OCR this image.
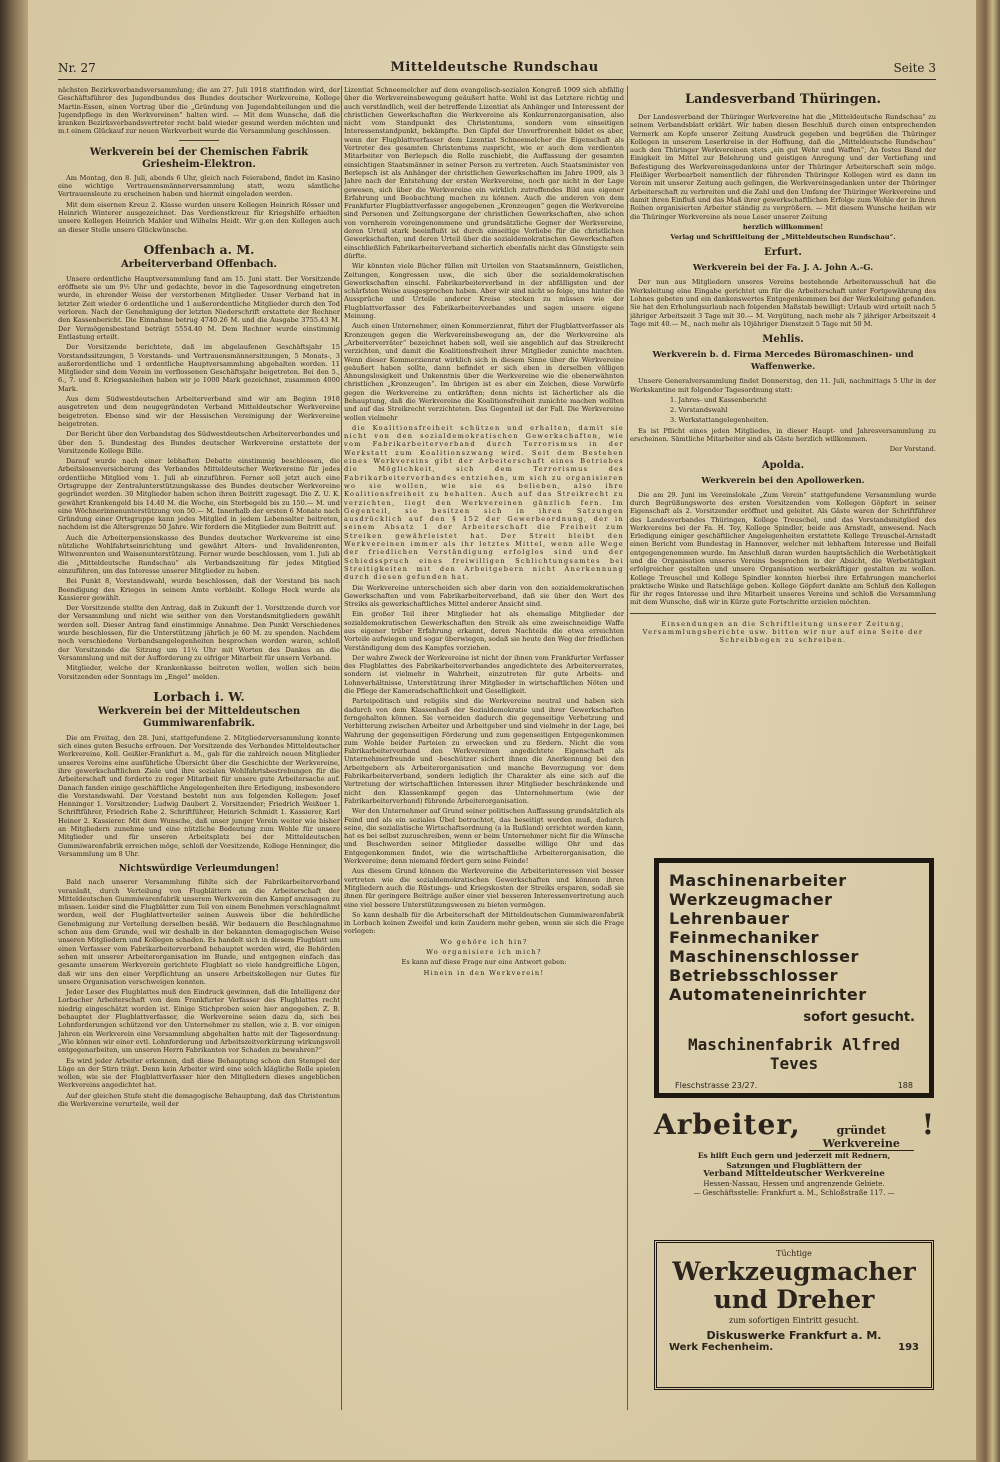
Nr. 27	Mitteldeutsche Rundschau	Seite 3

nächsten Bezirksverbandsversammlung; die am 27. Juli 1918 stattfinden wird, der Geschäftsführer des Jugendbundes des Bundes deutscher Werkvereine, Kollege Martin-Essen, einen Vortrag über die „Gründung von Jugendabteilungen und die Jugendpflege in den Werkvereinen“ halten wird. — Mit dem Wunsche, daß die kranken Bezirksverbandsvertreter recht bald wieder gesund werden möchten und m.t einem Glückauf zur neuen Werkverbeit wurde die Versammlung geschlossen.

Werkverein bei der Chemischen Fabrik Griesheim-Elektron.

Am Montag, den 8. Juli, abends 6 Uhr, gleich nach Feierabend, findet im Kasino eine wichtige Vertrauensmännerversammlung statt, wozu sämtliche Vertrauensleute zu erscheinen haben und hiermit eingeladen werden.

Mit dem eisernen Kreuz 2. Klasse wurden unsere Kollegen Heinrich Rösser und Heinrich Winterer ausgezeichnet. Das Verdienstkreuz für Kriegshilfe erhielten unsere Kollegen Heinrich Mahler und Wilhelm Heidt. Wir g.en den Kollegen auch an dieser Stelle unsere Glückwünsche.

Offenbach a. M.
Arbeiterverband Offenbach.

Unsere ordentliche Hauptversammlung fand am 15. Juni statt. Der Vorsitzende eröffnete sie um 9½ Uhr und gedachte, bevor in die Tagesordnung eingetreten wurde, in ehrender Weise der verstorbenen Mitglieder. Unser Verband hat in letzter Zeit wieder 6 ordentliche und 1 außerordentliche Mitglieder durch den Tod verloren. Nach der Genehmigung der letzten Niederschrift erstattete der Rechner den Kassenbericht. Die Einnahme betrug 4740.26 M. und die Ausgabe 3755.43 M. Der Vermögensbestand beträgt 5554.40 M. Dem Rechner wurde einstimmig Entlastung erteilt.

Der Vorsitzende berichtete, daß im abgelaufenen Geschäftsjahr 15 Vorstandssitzungen, 5 Vorstands- und Vertrauensmännersitzungen, 5 Monats-, 3 außerordentliche und 1 ordentliche Hauptversammlung abgehalten worden. 11 Mitglieder sind dem Verein im verflossenen Geschäftsjahr beigetreten. Bei den 5., 6., 7. und 8. Kriegsanleihen haben wir je 1000 Mark gezeichnet, zusammen 4000 Mark.

Aus dem Südwestdeutschen Arbeiterverband sind wir am Beginn 1918 ausgetreten und dem neugegründeten Verband Mitteldeutscher Werkvereine beigetreten. Ebenso sind wir der Hessischen Vereinigung der Werkvereine beigetreten.

Der Bericht über den Verbandstag des Südwestdeutschen Arbeiterverbandes und über den 5. Bundestag des Bundes deutscher Werkvereine erstattete der Vorsitzende Kollege Bille.

Darauf wurde nach einer lebhaften Debatte einstimmig beschlossen, die Arbeitslosenversicherung des Verbandes Mitteldeutscher Werkvereine für jedes ordentliche Mitglied vom 1. Juli ab einzuführen. Ferner soll jetzt auch eine Ortsgruppe der Zentralunterstützungskasse des Bundes deutscher Werkvereine gegründet werden. 30 Mitglieder haben schon ihren Beitritt zugesagt. Die Z. U. K. gewährt Krankengeld bis 14.40 M. die Woche, ein Sterbegeld bis zu 150.— M. und eine Wöchnerinnenunterstützung von 50.— M. Innerhalb der ersten 6 Monate nach Gründung einer Ortsgruppe kann jedes Mitglied in jedem Lebensalter beitreten, nachdem ist die Altersgrenze 50 Jahre. Wir fordern die Mitglieder zum Beitritt auf.

Auch die Arbeiterpensionskasse des Bundes deutscher Werkvereine ist eine nützliche Wohlfahrtseinrichtung und gewährt Alters- und Invalidenrenten, Witwenrenten und Waisenunterstützung. Ferner wurde beschlossen, vom 1. Juli ab die „Mitteldeutsche Rundschau“ als Verbandszeitung für jedes Mitglied einzuführen, um das Interesse unserer Mitglieder zu heben.

Bei Punkt 8, Vorstandswahl, wurde beschlossen, daß der Vorstand bis nach Beendigung des Krieges in seinem Amte verbleibt. Kollege Heck wurde als Kassierer gewählt.

Der Vorsitzende stellte den Antrag, daß in Zukunft der 1. Vorsitzende durch vor der Versammlung und nicht wie seither von den Vorstandsmitgliedern gewählt werden soll. Dieser Antrag fand einstimmige Annahme. Den Punkt Verschiedenes wurde beschlossen, für die Unterstützung jährlich je 60 M. zu spenden. Nachdem noch verschiedene Verbandsangelegenheiten besprochen worden waren, schloß der Vorsitzende die Sitzung um 11¼ Uhr mit Worten des Dankes an die Versammlung und mit der Aufforderung zu eifriger Mitarbeit für unsern Verband.

Mitglieder, welche der Krankenkasse beitreten wollen, wollen sich beim Vorsitzenden oder Sonntags im „Engel“ melden.

Lorbach i. W.
Werkverein bei der Mitteldeutschen Gummiwarenfabrik.

Die am Freitag, den 28. Juni, stattgefundene 2. Mitgliederversammlung konnte sich eines guten Besuchs erfreuen. Der Vorsitzende des Verbandes Mitteldeutscher Werkvereine, Koll. Geißler-Frankfurt a. M., gab für die zahlreich neuen Mitglieder unseres Vereins eine ausführliche Übersicht über die Geschichte der Werkvereine, ihre gewerkschaftlichen Ziele und ihre sozialen Wohlfahrtsbestrebungen für die Arbeiterschaft und forderte zu reger Mitarbeit für unsere gute Arbeitersache auf. Danach fanden einige geschäftliche Angelegenheiten ihre Erledigung, insbesondere die Vorstandswahl. Der Vorstand besteht nun aus folgenden Kollegen: Josef Henninger 1. Vorsitzender; Ludwig Daubert 2. Vorsitzender; Friedrich Weißner 1. Schriftführer, Friedrich Rabe 2. Schriftführer, Heinrich Schmidt 1. Kassierer, Karl Heiner 2. Kassierer. Mit dem Wunsche, daß unser junger Verein weiter wie bisher an Mitgliedern zunehme und eine nützliche Bedeutung zum Wohle für unsere Mitglieder und für unseren Arbeitsplatz bei der Mitteldeutschen Gummiwarenfabrik erreichen möge, schloß der Vorsitzende, Kollege Henninger, die Versammlung um 8 Uhr.

Nichtswürdige Verleumdungen!

Bald nach unserer Versammlung fühlte sich der Fabrikarbeiterverband veranlaßt, durch Verteilung von Flugblättern an die Arbeiterschaft der Mitteldeutschen Gummiwarenfabrik unserem Werkverein den Kampf anzusagen zu müssen. Leider sind die Flugblätter zum Teil von einem Benehmen verschlagnahmt worden, weil der Flugblattverteiler seinen Ausweis über die behördliche Genehmigung zur Verteilung derselben besäß. Wir bedauern die Beschlagnahme schon aus dem Grunde, weil wir deshalb in der bekannten demagogischen Weise unseren Mitgliedern und Kollegen schaden. Es handelt sich in diesem Flugblatt um einen Verfasser vom Fabrikarbeiterverband behauptet werden wird, die Behörden sehen mit unserer Arbeiterorganisation im Bunde, und entgegnen einfach das gesamte unserem Werkverein gerichtete Flugblatt so viele handgreifliche Lügen, daß wir uns den einer Verpflichtung an unsere Arbeitskollegen nur Gutes für unsere Organisation verschweigen konnten.

Jeder Leser des Flugblattes muß den Eindruck gewinnen, daß die Intelligenz der Lorbacher Arbeiterschaft von dem Frankfurter Verfasser des Flugblattes recht niedrig eingeschätzt worden ist. Einige Stichproben seien hier angegeben. Z. B. behauptet der Flugblattverfasser, die Werkvereine seien dazu da, sich bei Lohnforderungen schützend vor den Unternehmer zu stellen, wie z. B. vor einigen Jahren ein Werkverein eine Versammlung abgehalten hatte mit der Tagesordnung: „Wie können wir einer evtl. Lohnforderung und Arbeitszeitverkürzung wirkungsvoll entgegenarbeiten, um unseren Herrn Fabrikanten vor Schaden zu bewahren?“

Es wird jeder Arbeiter erkennen, daß diese Behauptung schon den Stempel der Lüge an der Stirn trägt. Denn kein Arbeiter wird eine solch klägliche Rolle spielen wollen, wie sie der Flugblattverfasser hier den Mitgliedern dieses angeblichen Werkvereins angedichtet hat.

Auf der gleichen Stufe steht die demagogische Behauptung, daß das Christentum die Werkvereine verurteile, weil der

Lizentiat Schneemelcher auf dem evangelisch-sozialen Kongreß 1909 sich abfällig über die Werkvereinsbewegung geäußert hatte. Wohl ist das Letztere richtig und auch verständlich, weil der betreffende Lizentiat als Anhänger und Interessent der christlichen Gewerkschaften die Werkvereine als Konkurrenzorganisation, also nicht vom Standpunkt des Christentums, sondern vom einseitigen Interessenstandpunkt, bekämpfte. Den Gipfel der Unverfrorenheit bildet es aber, wenn der Flugblattverfasser dem Lizentiat Schneemelcher die Eigenschaft als Vertreter des gesamten Christentums zuspricht, wie er auch dem verdienten Mitarbeiter von Berlepsch die Rolle zuschiebt, die Auffassung der gesamten einsichtigen Staatsmänner in seiner Person zu vertreten. Auch Staatsminister von Berlepsch ist als Anhänger der christlichen Gewerkschaften im Jahre 1909, als 3 Jahre nach der Entstehung der ersten Werkvereine, noch gar nicht in der Lage gewesen, sich über die Werkvereine ein wirklich zutreffendes Bild aus eigener Erfahrung und Beobachtung machen zu können. Auch die anderen von dem Frankfurter Flugblattverfasser angegebenen „Kronzeugen“ gegen die Werkvereine sind Personen und Zeitungsorgane der christlichen Gewerkschaften, also schon von vornherein voreingenommene und grundsätzliche Gegner der Werkvereine, deren Urteil stark beeinflußt ist durch einseitige Vorliebe für die christlichen Gewerkschaften, und deren Urteil über die sozialdemokratischen Gewerkschaften einschließlich Fabrikarbeiterverband sicherlich ebenfalls nicht das Günstigste sein dürfte.

Wir könnten viele Bücher füllen mit Urteilen von Staatsmännern, Geistlichen, Zeitungen, Kongressen usw., die sich über die sozialdemokratischen Gewerkschaften einschl. Fabrikarbeiterverband in der abfälligsten und der schärfsten Weise ausgesprochen haben. Aber wir sind nicht so feige, uns hinter die Aussprüche und Urteile anderer Kreise stecken zu müssen wie der Flugblattverfasser des Fabrikarbeiterverbandes und sagen unsere eigene Meinung.

Auch einen Unternehmer, einen Kommerzienrat, führt der Flugblattverfasser als Kronzeugen gegen die Werkvereinsbewegung an, der die Werkvereine als „Arbeiterverräter“ bezeichnet haben soll, weil sie angeblich auf das Streikrecht verzichten, und damit die Koalitionsfreiheit ihrer Mitglieder zunichte machten. Wenn dieser Kommerzienrat wirklich sich in diesem Sinne über die Werkvereine geäußert haben sollte, dann befindet er sich eben in derselben völligen Ahnungslosigkeit und Unkenntnis über die Werkvereine wie die obenerwähnten christlichen „Kronzeugen“. Im übrigen ist es aber ein Zeichen, diese Vorwürfe gegen die Werkvereine zu entkräften; denn nichts ist lächerlicher als die Behauptung, daß die Werkvereine die Koalitionsfreiheit zunichte machen wollten und auf das Streikrecht verzichteten. Das Gegenteil ist der Fall. Die Werkvereine wollen vielmehr

die Koalitionsfreiheit schützen und erhalten, damit sie nicht von den sozialdemokratischen Gewerkschaften, wie vom Fabrikarbeiterverband durch Terrorismus in der Werkstatt zum Koalitionszwang wird. Seit dem Bestehen eines Werkvereins gibt der Arbeiterschaft eines Betriebes die Möglichkeit, sich dem Terrorismus des Fabrikarbeiterverbandes entziehen, um sich zu organisieren wo sie wollen, wie sie es belieben, also ihre Koalitionsfreiheit zu behalten. Auch auf das Streikrecht zu verzichten, liegt den Werkvereinen gänzlich fern. Im Gegenteil, sie besitzen sich in ihren Satzungen ausdrücklich auf den § 152 der Gewerbeordnung, der in seinem Absatz 1 der Arbeiterschaft die Freiheit zum Streiken gewährleistet hat. Der Streit bleibt den Werkvereinen immer als ihr letztes Mittel, wenn alle Wege der friedlichen Verständigung erfolglos sind und der Schiedsspruch eines freiwilligen Schlichtungsamtes bei Streitigkeiten mit den Arbeitgebern nicht Anerkennung durch diesen gefunden hat.

Die Werkvereine unterscheiden sich aber darin von den sozialdemokratischen Gewerkschaften und vom Fabrikarbeiterverband, daß sie über den Wert des Streiks als gewerkschaftliches Mittel anderer Ansicht sind.

Ein großer Teil ihrer Mitglieder hat als ehemalige Mitglieder der sozialdemokratischen Gewerkschaften den Streik als eine zweischneidige Waffe aus eigener trüber Erfahrung erkannt, deren Nachteile die etwa erreichten Vorteile aufwiegen und sogar überwiegen, sodaß sie heute den Weg der friedlichen Verständigung dem des Kampfes vorziehen.

Der wahre Zweck der Werkvereine ist nicht der ihnen vom Frankfurter Verfasser des Flugblattes des Fabrikarbeiterverbandes angedichtete des Arbeiterverrates, sondern ist vielmehr in Wahrheit, einzutreten für gute Arbeits- und Lohnverhältnisse, Unterstützung ihrer Mitglieder in wirtschaftlichen Nöten und die Pflege der Kameradschaftlichkeit und Geselligkeit.

Parteipolitisch und religiös sind die Werkvereine neutral und haben sich dadurch von dem Klassenhaß der Sozialdemokratie und ihrer Gewerkschaften ferngehalten können. Sie verneiden dadurch die gegenseitige Verhetzung und Verbitterung zwischen Arbeiter und Arbeitgeber und sind vielmehr in der Lage, bei Wahrung der gegenseitigen Förderung und zum gegenseitigen Entgegenkommen zum Wohle beider Parteien zu erwecken und zu fördern. Nicht die vom Fabrikarbeiterverband den Werkvereinen angedichtete Eigenschaft als Unternehmerfreunde und -beschützer sichert ihnen die Anerkennung bei den Arbeitgebern als Arbeiterorganisation und manche Bevorzugung vor dem Fabrikarbeiterverband, sondern lediglich ihr Charakter als eine sich auf die Vertretung der wirtschaftlichen Interessen ihrer Mitglieder beschränkende und nicht den Klassenkampf gegen das Unternehmertum (wie der Fabrikarbeiterverband) führende Arbeiterorganisation.

Wer den Unternehmer auf Grund seiner politischen Auffassung grundsätzlich als Feind und als ein soziales Übel betrachtet, das beseitigt werden muß, dadurch seine, die sozialistische Wirtschaftsordnung (a la Rußland) errichtet werden kann, hat es bei selbst zuzuschreiben, wenn er beim Unternehmer nicht für die Wünsche und Beschwerden seiner Mitglieder dasselbe willige Ohr und das Entgegenkommen findet, wie die wirtschaftliche Arbeiterorganisation, die Werkvereine; denn niemand fördert gern seine Feinde!

Aus diesem Grund können die Werkvereine die Arbeiterinteressen viel besser vertreten wie die sozialdemokratischen Gewerkschaften und können ihren Mitgliedern auch die Rüstungs- und Kriegskosten der Streiks ersparen, sodaß sie ihnen für geringere Beiträge außer einer viel besseren Interessenvertretung auch eine viel bessere Unterstützungswesen zu bieten vermögen.

So kann deshalb für die Arbeiterschaft der Mitteldeutschen Gummiwarenfabrik in Lorbach keinen Zweifel und kein Zaudern mehr geben, wenn sie sich die Frage vorlegen:

Wo gehöre ich hin?

Wo organisiere ich mich?

Es kann auf diese Frage nur eine Antwort geben:

Hinein in den Werkverein!

Landesverband Thüringen.

Der Landesverband der Thüringer Werkvereine hat die „Mitteldeutsche Rundschau“ zu seinem Verbandsblatt erklärt. Wir haben diesen Beschluß durch einen entsprechenden Vermerk am Kopfe unserer Zeitung Ausdruck gegeben und begrüßen die Thüringer Kollegen in unserem Leserkreise in der Hoffnung, daß die „Mitteldeutsche Rundschau“ auch den Thüringer Werkvereinen stets „ein gut Wehr und Waffen“, An festes Band der Einigkeit im Mittel zur Belehrung und geistigen Anregung und der Vertiefung und Befestigung des Werkvereinsgedankens unter der Thüringer Arbeiterschaft sein möge. Fleißiger Werbearbeit namentlich der führenden Thüringer Kollegen wird es dann im Verein mit unserer Zeitung auch gelingen, die Werkvereinsgedanken unter der Thüringer Arbeiterschaft zu verbreiten und die Zahl und den Umfang der Thüringer Werkvereine und damit ihren Einfluß und das Maß ihrer gewerkschaftlichen Erfolge zum Wohle der in ihren Reihen organisierten Arbeiter ständig zu vergrößern. — Mit diesem Wunsche heißen wir die Thüringer Werkvereine als neue Leser unserer Zeitung

herzlich willkommen!

Verlag und Schriftleitung der „Mitteldeutschen Rundschau“.

Erfurt.
Werkverein bei der Fa. J. A. John A.-G.

Der nun aus Mitgliedern unseres Vereins bestehende Arbeiterausschuß hat die Werksleitung eine Eingabe gerichtet um für die Arbeiterschaft unter Fortgewährung des Lohnes gebeten und ein dankenswertes Entgegenkommen bei der Werksleitung gefunden. Sie hat den Erholungsurlaub nach folgenden Maßstab bewilligt: Urlaub wird erteilt nach 5 jähriger Arbeitszeit 3 Tage mit 30.— M. Vergütung, nach mehr als 7 jähriger Arbeitszeit 4 Tage mit 40.— M., nach mehr als 10jähriger Dienstzeit 5 Tage mit 50 M.

Mehlis.
Werkverein b. d. Firma Mercedes Büromaschinen- und Waffenwerke.

Unsere Generalversammlung findet Donnerstag, den 11. Juli, nachmittags 5 Uhr in der Werkskantine mit folgender Tagesordnung statt:

1. Jahres- und Kassenbericht

2. Vorstandswahl

3. Werkstattangelegenheiten.

Es ist Pflicht eines jeden Mitgliedes, in dieser Haupt- und Jahresversammlung zu erscheinen. Sämtliche Mitarbeiter sind als Gäste herzlich willkommen.

Der Vorstand.

Apolda.
Werkverein bei den Apollowerken.

Die am 29. Juni im Vereinslokale „Zum Verein“ stattgefundene Versammlung wurde durch Begrüßungsworte des ersten Vorsitzenden vom Kollegen Göpfert in seiner Eigenschaft als 2. Vorsitzender eröffnet und geleitet. Als Gäste waren der Schriftführer des Landesverbandes Thüringen, Kollege Treuschel, und das Vorstandsmitglied des Werkvereins bei der Fa. H. Tey, Kollege Spindler, beide aus Arnstadt, anwesend. Nach Erledigung einiger geschäftlicher Angelegenheiten erstattete Kollege Treuschel-Arnstadt einen Bericht vom Bundestag in Hannover, welcher mit lebhaftem Interesse und Beifall entgegengenommen wurde. Im Anschluß daran wurden hauptsächlich die Werbetätigkeit und die Organisation unseres Vereins besprochen in der Absicht, die Werbetätigkeit erfolgreicher gestalten und unsere Organisation werbekräftiger gestalten zu wollen. Kollege Treuschel und Kollege Spindler konnten hierbei ihre Erfahrungen mancherlei praktische Winke und Ratschläge geben. Kollege Göpfert dankte am Schluß den Kollegen für ihr reges Interesse und ihre Mitarbeit unseres Vereins und schloß die Versammlung mit dem Wunsche, daß wir in Kürze gute Fortschritte erzielen möchten.

Einsendungen an die Schriftleitung unserer Zeitung, Versammlungsberichte usw. bitten wir nur auf eine Seite der Schreibbogen zu schreiben.

Maschinenarbeiter
Werkzeugmacher
Lehrenbauer
Feinmechaniker
Maschinenschlosser
Betriebsschlosser
Automateneinrichter
sofort gesucht.
Maschinenfabrik Alfred Teves
Fleschstrasse 23/27.	188
Arbeiter,	gründet Werkvereine
!
Es hilft Euch gern und jederzeit mit Rednern,
Satzungen und Flugblättern der
Verband Mitteldeutscher Werkvereine
Hessen-Nassau, Hessen und angrenzende Gebiete.
— Geschäftsstelle: Frankfurt a. M., Schloßstraße 117. —
Tüchtige
Werkzeugmacher
und Dreher
zum sofortigen Eintritt gesucht.
Diskuswerke Frankfurt a. M.
Werk Fechenheim.	193
